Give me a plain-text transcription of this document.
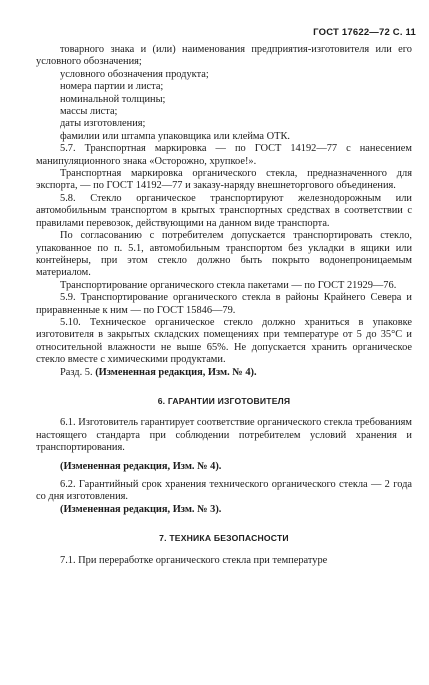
ГОСТ 17622—72 С. 11

товарного знака и (или) наименования предприятия-изготовителя или его условного обозначения;

условного обозначения продукта;

номера партии и листа;

номинальной толщины;

массы листа;

даты изготовления;

фамилии или штампа упаковщика или клейма ОТК.

5.7. Транспортная маркировка — по ГОСТ 14192—77 с нанесением манипуляционного знака «Осторожно, хрупкое!».

Транспортная маркировка органического стекла, предназначенного для экспорта, — по ГОСТ 14192—77 и заказу-наряду внешнеторгового объединения.

5.8. Стекло органическое транспортируют железнодорожным или автомобильным транспортом в крытых транспортных средствах в соответствии с правилами перевозок, действующими на данном виде транспорта.

По согласованию с потребителем допускается транспортировать стекло, упакованное по п. 5.1, автомобильным транспортом без укладки в ящики или контейнеры, при этом стекло должно быть покрыто водонепроницаемым материалом.

Транспортирование органического стекла пакетами — по ГОСТ 21929—76.

5.9. Транспортирование органического стекла в районы Крайнего Севера и приравненные к ним — по ГОСТ 15846—79.

5.10. Техническое органическое стекло должно храниться в упаковке изготовителя в закрытых складских помещениях при температуре от 5 до 35°С и относительной влажности не выше 65%. Не допускается хранить органическое стекло вместе с химическими продуктами.

Разд. 5. (Измененная редакция, Изм. № 4).

6. ГАРАНТИИ ИЗГОТОВИТЕЛЯ

6.1. Изготовитель гарантирует соответствие органического стекла требованиям настоящего стандарта при соблюдении потребителем условий хранения и транспортирования.

(Измененная редакция, Изм. № 4).

6.2. Гарантийный срок хранения технического органического стекла — 2 года со дня изготовления.

(Измененная редакция, Изм. № 3).

7. ТЕХНИКА БЕЗОПАСНОСТИ

7.1. При переработке органического стекла при температуре
